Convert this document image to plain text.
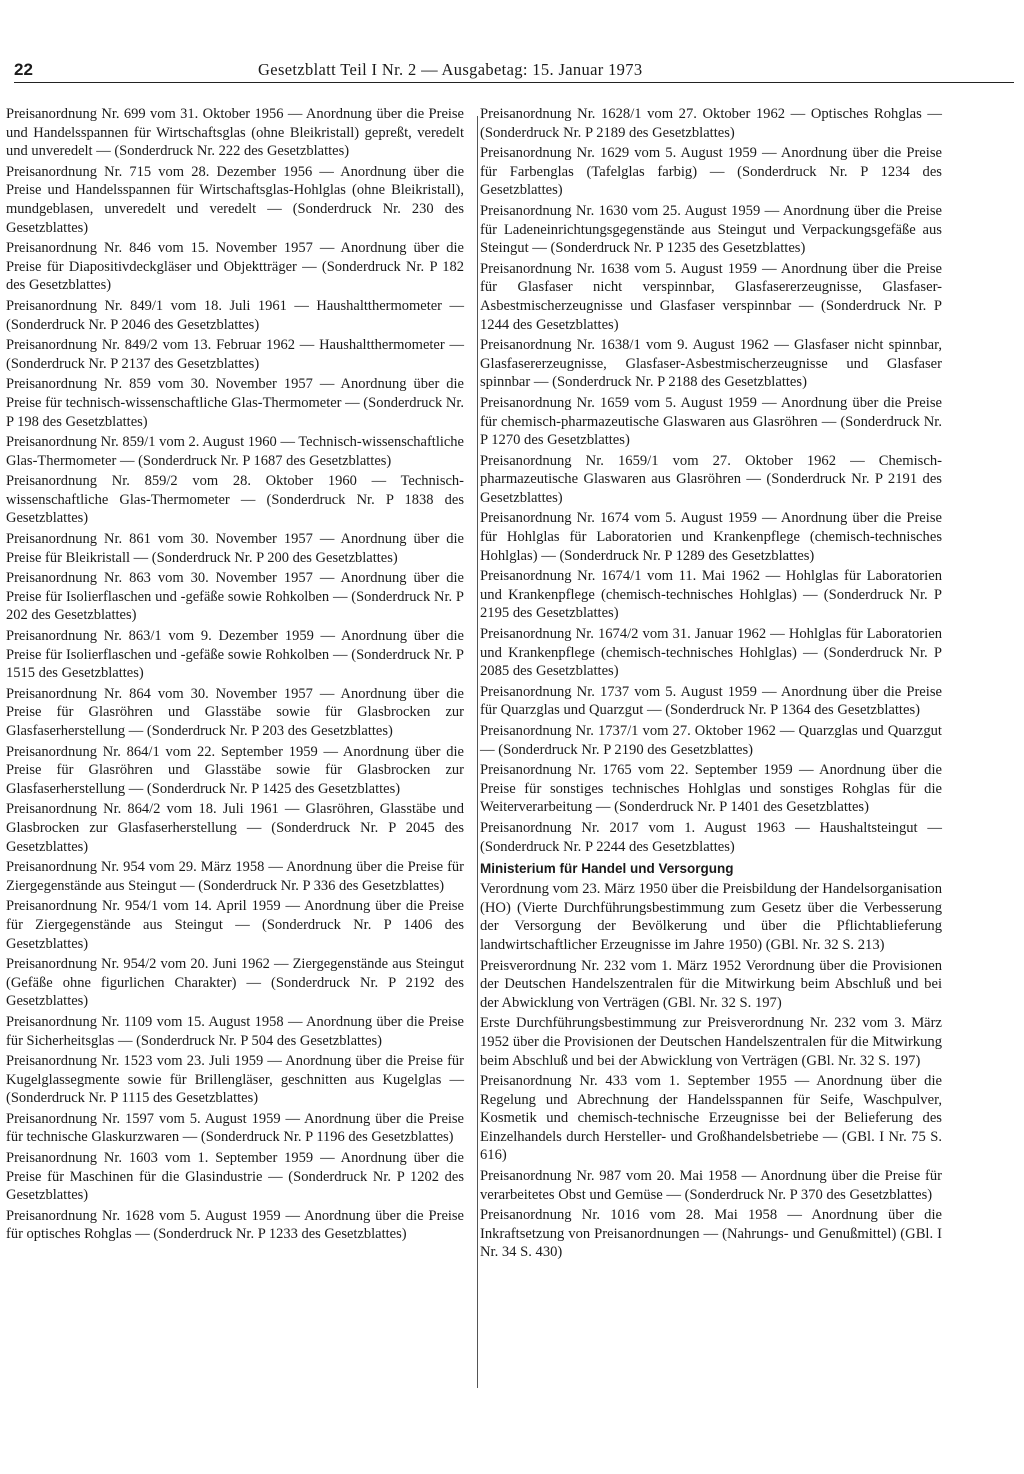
22	Gesetzblatt Teil I Nr. 2 — Ausgabetag: 15. Januar 1973

Preisanordnung Nr. 699 vom 31. Oktober 1956 — Anordnung über die Preise und Handelsspannen für Wirtschaftsglas (ohne Bleikristall) gepreßt, veredelt und unveredelt — (Sonderdruck Nr. 222 des Gesetzblattes)

Preisanordnung Nr. 715 vom 28. Dezember 1956 — Anordnung über die Preise und Handelsspannen für Wirtschaftsglas-Hohlglas (ohne Bleikristall), mundgeblasen, unveredelt und veredelt — (Sonderdruck Nr. 230 des Gesetzblattes)

Preisanordnung Nr. 846 vom 15. November 1957 — Anordnung über die Preise für Diapositivdeckgläser und Objektträger — (Sonderdruck Nr. P 182 des Gesetzblattes)

Preisanordnung Nr. 849/1 vom 18. Juli 1961 — Haushaltthermometer — (Sonderdruck Nr. P 2046 des Gesetzblattes)

Preisanordnung Nr. 849/2 vom 13. Februar 1962 — Haushaltthermometer — (Sonderdruck Nr. P 2137 des Gesetzblattes)

Preisanordnung Nr. 859 vom 30. November 1957 — Anordnung über die Preise für technisch-wissenschaftliche Glas-Thermometer — (Sonderdruck Nr. P 198 des Gesetzblattes)

Preisanordnung Nr. 859/1 vom 2. August 1960 — Technisch-wissenschaftliche Glas-Thermometer — (Sonderdruck Nr. P 1687 des Gesetzblattes)

Preisanordnung Nr. 859/2 vom 28. Oktober 1960 — Technisch-wissenschaftliche Glas-Thermometer — (Sonderdruck Nr. P 1838 des Gesetzblattes)

Preisanordnung Nr. 861 vom 30. November 1957 — Anordnung über die Preise für Bleikristall — (Sonderdruck Nr. P 200 des Gesetzblattes)

Preisanordnung Nr. 863 vom 30. November 1957 — Anordnung über die Preise für Isolierflaschen und -gefäße sowie Rohkolben — (Sonderdruck Nr. P 202 des Gesetzblattes)

Preisanordnung Nr. 863/1 vom 9. Dezember 1959 — Anordnung über die Preise für Isolierflaschen und -gefäße sowie Rohkolben — (Sonderdruck Nr. P 1515 des Gesetzblattes)

Preisanordnung Nr. 864 vom 30. November 1957 — Anordnung über die Preise für Glasröhren und Glasstäbe sowie für Glasbrocken zur Glasfaserherstellung — (Sonderdruck Nr. P 203 des Gesetzblattes)

Preisanordnung Nr. 864/1 vom 22. September 1959 — Anordnung über die Preise für Glasröhren und Glasstäbe sowie für Glasbrocken zur Glasfaserherstellung — (Sonderdruck Nr. P 1425 des Gesetzblattes)

Preisanordnung Nr. 864/2 vom 18. Juli 1961 — Glasröhren, Glasstäbe und Glasbrocken zur Glasfaserherstellung — (Sonderdruck Nr. P 2045 des Gesetzblattes)

Preisanordnung Nr. 954 vom 29. März 1958 — Anordnung über die Preise für Ziergegenstände aus Steingut — (Sonderdruck Nr. P 336 des Gesetzblattes)

Preisanordnung Nr. 954/1 vom 14. April 1959 — Anordnung über die Preise für Ziergegenstände aus Steingut — (Sonderdruck Nr. P 1406 des Gesetzblattes)

Preisanordnung Nr. 954/2 vom 20. Juni 1962 — Ziergegenstände aus Steingut (Gefäße ohne figurlichen Charakter) — (Sonderdruck Nr. P 2192 des Gesetzblattes)

Preisanordnung Nr. 1109 vom 15. August 1958 — Anordnung über die Preise für Sicherheitsglas — (Sonderdruck Nr. P 504 des Gesetzblattes)

Preisanordnung Nr. 1523 vom 23. Juli 1959 — Anordnung über die Preise für Kugelglassegmente sowie für Brillengläser, geschnitten aus Kugelglas — (Sonderdruck Nr. P 1115 des Gesetzblattes)

Preisanordnung Nr. 1597 vom 5. August 1959 — Anordnung über die Preise für technische Glaskurzwaren — (Sonderdruck Nr. P 1196 des Gesetzblattes)

Preisanordnung Nr. 1603 vom 1. September 1959 — Anordnung über die Preise für Maschinen für die Glasindustrie — (Sonderdruck Nr. P 1202 des Gesetzblattes)

Preisanordnung Nr. 1628 vom 5. August 1959 — Anordnung über die Preise für optisches Rohglas — (Sonderdruck Nr. P 1233 des Gesetzblattes)

Preisanordnung Nr. 1628/1 vom 27. Oktober 1962 — Optisches Rohglas — (Sonderdruck Nr. P 2189 des Gesetzblattes)

Preisanordnung Nr. 1629 vom 5. August 1959 — Anordnung über die Preise für Farbenglas (Tafelglas farbig) — (Sonderdruck Nr. P 1234 des Gesetzblattes)

Preisanordnung Nr. 1630 vom 25. August 1959 — Anordnung über die Preise für Ladeneinrichtungsgegenstände aus Steingut und Verpackungsgefäße aus Steingut — (Sonderdruck Nr. P 1235 des Gesetzblattes)

Preisanordnung Nr. 1638 vom 5. August 1959 — Anordnung über die Preise für Glasfaser nicht verspinnbar, Glasfasererzeugnisse, Glasfaser-Asbestmischerzeugnisse und Glasfaser verspinnbar — (Sonderdruck Nr. P 1244 des Gesetzblattes)

Preisanordnung Nr. 1638/1 vom 9. August 1962 — Glasfaser nicht spinnbar, Glasfasererzeugnisse, Glasfaser-Asbestmischerzeugnisse und Glasfaser spinnbar — (Sonderdruck Nr. P 2188 des Gesetzblattes)

Preisanordnung Nr. 1659 vom 5. August 1959 — Anordnung über die Preise für chemisch-pharmazeutische Glaswaren aus Glasröhren — (Sonderdruck Nr. P 1270 des Gesetzblattes)

Preisanordnung Nr. 1659/1 vom 27. Oktober 1962 — Chemisch-pharmazeutische Glaswaren aus Glasröhren — (Sonderdruck Nr. P 2191 des Gesetzblattes)

Preisanordnung Nr. 1674 vom 5. August 1959 — Anordnung über die Preise für Hohlglas für Laboratorien und Krankenpflege (chemisch-technisches Hohlglas) — (Sonderdruck Nr. P 1289 des Gesetzblattes)

Preisanordnung Nr. 1674/1 vom 11. Mai 1962 — Hohlglas für Laboratorien und Krankenpflege (chemisch-technisches Hohlglas) — (Sonderdruck Nr. P 2195 des Gesetzblattes)

Preisanordnung Nr. 1674/2 vom 31. Januar 1962 — Hohlglas für Laboratorien und Krankenpflege (chemisch-technisches Hohlglas) — (Sonderdruck Nr. P 2085 des Gesetzblattes)

Preisanordnung Nr. 1737 vom 5. August 1959 — Anordnung über die Preise für Quarzglas und Quarzgut — (Sonderdruck Nr. P 1364 des Gesetzblattes)

Preisanordnung Nr. 1737/1 vom 27. Oktober 1962 — Quarzglas und Quarzgut — (Sonderdruck Nr. P 2190 des Gesetzblattes)

Preisanordnung Nr. 1765 vom 22. September 1959 — Anordnung über die Preise für sonstiges technisches Hohlglas und sonstiges Rohglas für die Weiterverarbeitung — (Sonderdruck Nr. P 1401 des Gesetzblattes)

Preisanordnung Nr. 2017 vom 1. August 1963 — Haushaltsteingut — (Sonderdruck Nr. P 2244 des Gesetzblattes)

Ministerium für Handel und Versorgung

Verordnung vom 23. März 1950 über die Preisbildung der Handelsorganisation (HO) (Vierte Durchführungsbestimmung zum Gesetz über die Verbesserung der Versorgung der Bevölkerung und über die Pflichtablieferung landwirtschaftlicher Erzeugnisse im Jahre 1950) (GBl. Nr. 32 S. 213)

Preisverordnung Nr. 232 vom 1. März 1952 Verordnung über die Provisionen der Deutschen Handelszentralen für die Mitwirkung beim Abschluß und bei der Abwicklung von Verträgen (GBl. Nr. 32 S. 197)

Erste Durchführungsbestimmung zur Preisverordnung Nr. 232 vom 3. März 1952 über die Provisionen der Deutschen Handelszentralen für die Mitwirkung beim Abschluß und bei der Abwicklung von Verträgen (GBl. Nr. 32 S. 197)

Preisanordnung Nr. 433 vom 1. September 1955 — Anordnung über die Regelung und Abrechnung der Handelsspannen für Seife, Waschpulver, Kosmetik und chemisch-technische Erzeugnisse bei der Belieferung des Einzelhandels durch Hersteller- und Großhandelsbetriebe — (GBl. I Nr. 75 S. 616)

Preisanordnung Nr. 987 vom 20. Mai 1958 — Anordnung über die Preise für verarbeitetes Obst und Gemüse — (Sonderdruck Nr. P 370 des Gesetzblattes)

Preisanordnung Nr. 1016 vom 28. Mai 1958 — Anordnung über die Inkraftsetzung von Preisanordnungen — (Nahrungs- und Genußmittel) (GBl. I Nr. 34 S. 430)
